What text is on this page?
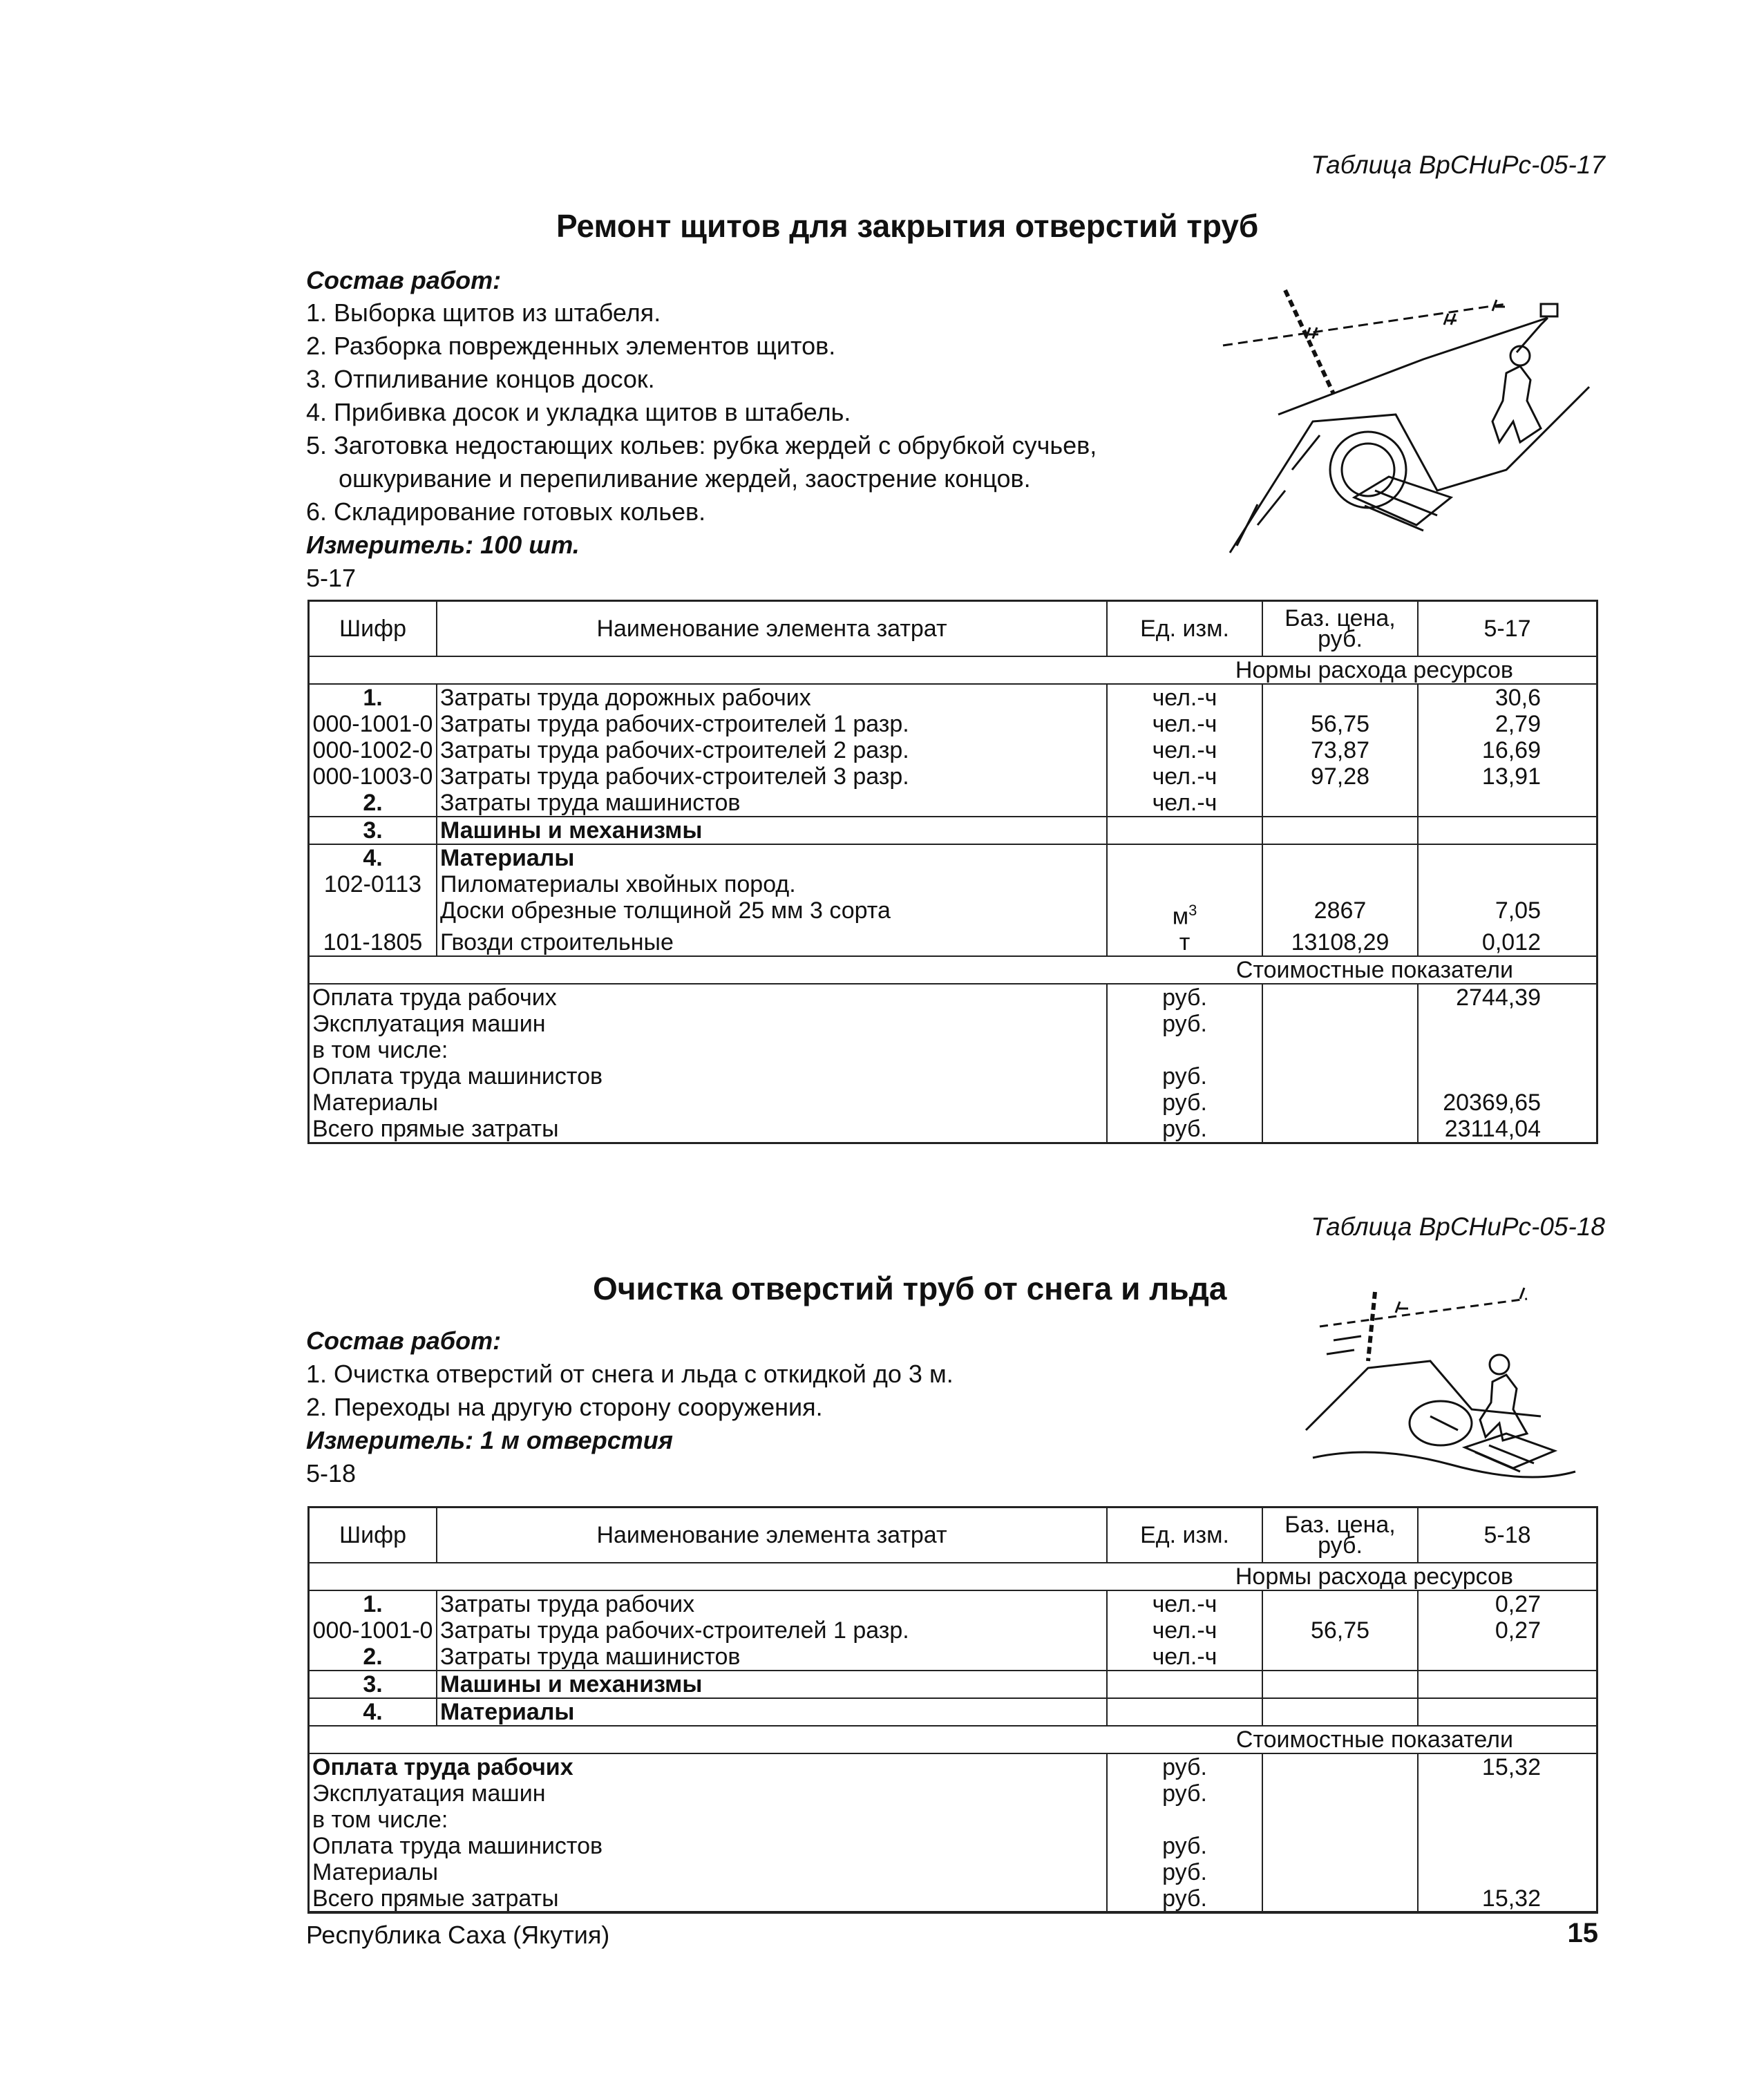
Таблица ВрСНиРс-05-17
Ремонт щитов для закрытия отверстий труб
Состав работ:
1. Выборка щитов из штабеля.
2. Разборка поврежденных элементов щитов.
3. Отпиливание концов досок.
4. Прибивка досок и укладка щитов в штабель.
5. Заготовка недостающих кольев: рубка жердей с обрубкой сучьев,
ошкуривание и перепиливание жердей, заострение концов.
6. Складирование готовых кольев.
Измеритель: 100 шт.
5-17
Шифр	Наименование элемента затрат	Ед. изм.	Баз. цена,
руб.	5-17
Нормы расхода ресурсов				
1.	Затраты труда дорожных рабочих	чел.-ч		30,6
000-1001-0	Затраты труда рабочих-строителей 1 разр.	чел.-ч	56,75	2,79
000-1002-0	Затраты труда рабочих-строителей 2 разр.	чел.-ч	73,87	16,69
000-1003-0	Затраты труда рабочих-строителей 3 разр.	чел.-ч	97,28	13,91
2.	Затраты труда машинистов	чел.-ч		
3.	Машины и механизмы			
4.	Материалы			
102-0113	Пиломатериалы хвойных пород.			
	Доски обрезные толщиной 25 мм 3 сорта	$м^3$	2867	7,05
101-1805	Гвозди строительные	т	13108,29	0,012
Стоимостные показатели				
Оплата труда рабочих		руб.		2744,39
Эксплуатация машин		руб.		
в том числе:				
Оплата труда машинистов		руб.		
Материалы		руб.		20369,65
Всего прямые затраты		руб.		23114,04
Таблица ВрСНиРс-05-18
Очистка отверстий труб от снега и льда
Состав работ:
1. Очистка отверстий от снега и льда с откидкой до 3 м.
2. Переходы на другую сторону сооружения.
Измеритель: 1 м отверстия
5-18
Шифр	Наименование элемента затрат	Ед. изм.	Баз. цена,
руб.	5-18
Нормы расхода ресурсов				
1.	Затраты труда рабочих	чел.-ч		0,27
000-1001-0	Затраты труда рабочих-строителей 1 разр.	чел.-ч	56,75	0,27
2.	Затраты труда машинистов	чел.-ч		
3.	Машины и механизмы			
4.	Материалы			
Стоимостные показатели				
Оплата труда рабочих		руб.		15,32
Эксплуатация машин		руб.		
в том числе:				
Оплата труда машинистов		руб.		
Материалы		руб.		
Всего прямые затраты		руб.		15,32
Республика Саха (Якутия)	15
